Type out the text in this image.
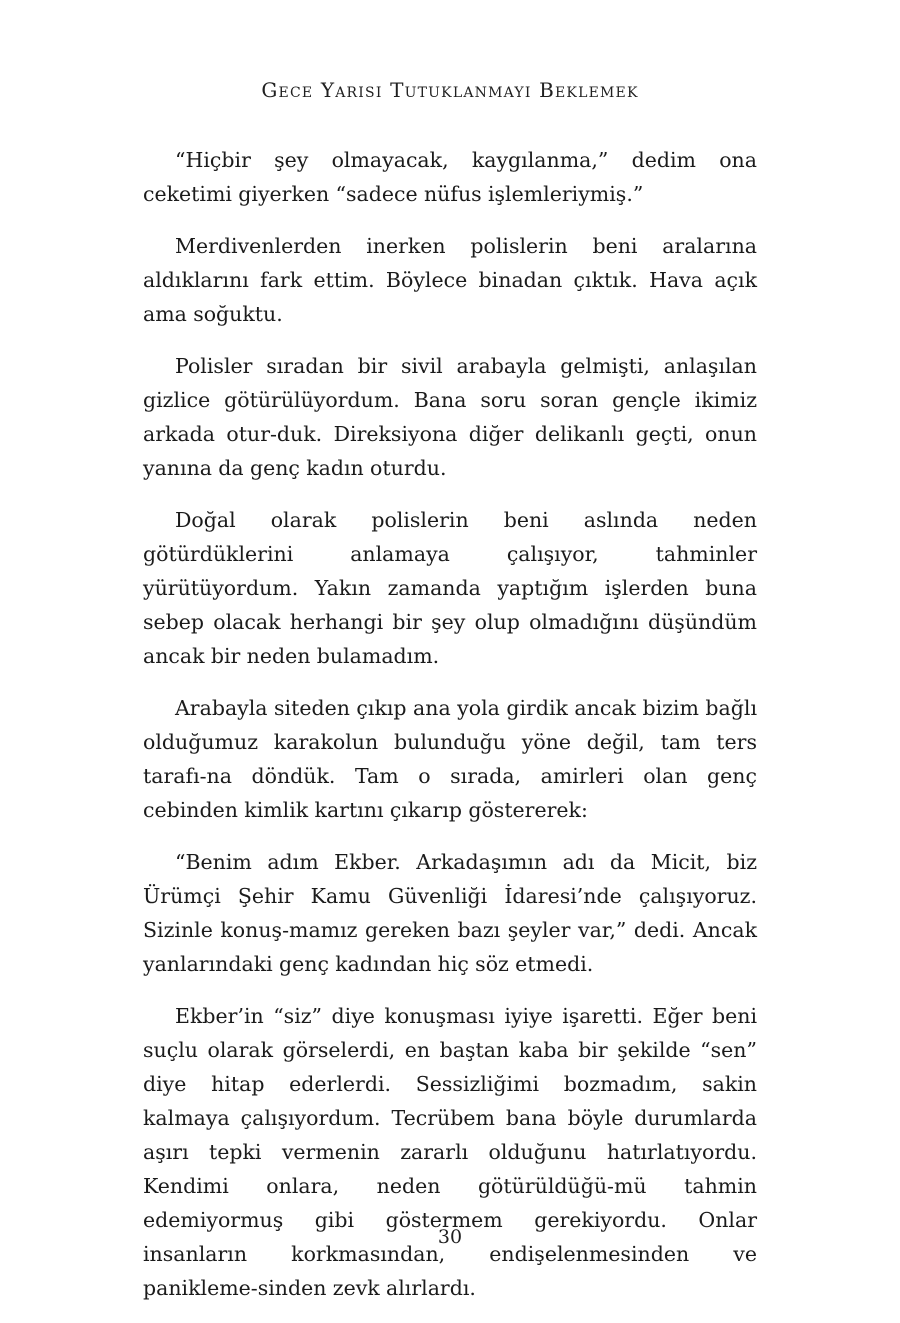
Gece Yarısı Tutuklanmayı Beklemek

“Hiçbir şey olmayacak, kaygılanma,” dedim ona ceketimi giyerken “sadece nüfus işlemleriymiş.”

Merdivenlerden inerken polislerin beni aralarına aldıklarını fark ettim. Böylece binadan çıktık. Hava açık ama soğuktu.

Polisler sıradan bir sivil arabayla gelmişti, anlaşılan gizlice götürülüyordum. Bana soru soran gençle ikimiz arkada otur-duk. Direksiyona diğer delikanlı geçti, onun yanına da genç kadın oturdu.

Doğal olarak polislerin beni aslında neden götürdüklerini anlamaya çalışıyor, tahminler yürütüyordum. Yakın zamanda yaptığım işlerden buna sebep olacak herhangi bir şey olup olmadığını düşündüm ancak bir neden bulamadım.

Arabayla siteden çıkıp ana yola girdik ancak bizim bağlı olduğumuz karakolun bulunduğu yöne değil, tam ters tarafı-na döndük. Tam o sırada, amirleri olan genç cebinden kimlik kartını çıkarıp göstererek:

“Benim adım Ekber. Arkadaşımın adı da Micit, biz Ürümçi Şehir Kamu Güvenliği İdaresi’nde çalışıyoruz. Sizinle konuş-mamız gereken bazı şeyler var,” dedi. Ancak yanlarındaki genç kadından hiç söz etmedi.

Ekber’in “siz” diye konuşması iyiye işaretti. Eğer beni suçlu olarak görselerdi, en baştan kaba bir şekilde “sen” diye hitap ederlerdi. Sessizliğimi bozmadım, sakin kalmaya çalışıyordum. Tecrübem bana böyle durumlarda aşırı tepki vermenin zararlı olduğunu hatırlatıyordu. Kendimi onlara, neden götürüldüğü-mü tahmin edemiyormuş gibi göstermem gerekiyordu. Onlar insanların korkmasından, endişelenmesinden ve panikleme-sinden zevk alırlardı.

30
